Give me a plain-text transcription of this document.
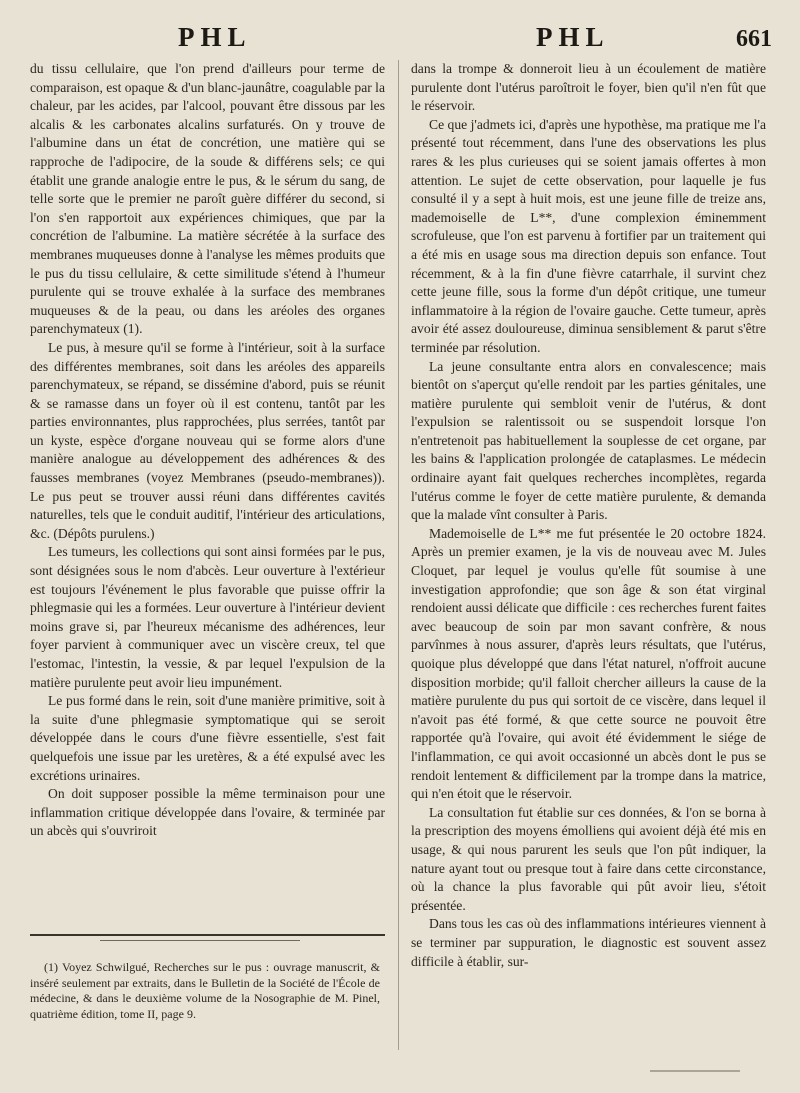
PHL	PHL	661

du tissu cellulaire, que l'on prend d'ailleurs pour terme de comparaison, est opaque & d'un blanc-jaunâtre, coagulable par la chaleur, par les acides, par l'alcool, pouvant être dissous par les alcalis & les carbonates alcalins surfaturés. On y trouve de l'albumine dans un état de concrétion, une matière qui se rapproche de l'adipocire, de la soude & différens sels; ce qui établit une grande analogie entre le pus, & le sérum du sang, de telle sorte que le premier ne paroît guère différer du second, si l'on s'en rapportoit aux expériences chimiques, que par la concrétion de l'albumine. La matière sécrétée à la surface des membranes muqueuses donne à l'analyse les mêmes produits que le pus du tissu cellulaire, & cette similitude s'étend à l'humeur purulente qui se trouve exhalée à la surface des membranes muqueuses & de la peau, ou dans les aréoles des organes parenchymateux (1).

Le pus, à mesure qu'il se forme à l'intérieur, soit à la surface des différentes membranes, soit dans les aréoles des appareils parenchymateux, se répand, se dissémine d'abord, puis se réunit & se ramasse dans un foyer où il est contenu, tantôt par les parties environnantes, plus rapprochées, plus serrées, tantôt par un kyste, espèce d'organe nouveau qui se forme alors d'une manière analogue au développement des adhérences & des fausses membranes (voyez Membranes (pseudo-membranes)). Le pus peut se trouver aussi réuni dans différentes cavités naturelles, tels que le conduit auditif, l'intérieur des articulations, &c. (Dépôts purulens.)

Les tumeurs, les collections qui sont ainsi formées par le pus, sont désignées sous le nom d'abcès. Leur ouverture à l'extérieur est toujours l'événement le plus favorable que puisse offrir la phlegmasie qui les a formées. Leur ouverture à l'intérieur devient moins grave si, par l'heureux mécanisme des adhérences, leur foyer parvient à communiquer avec un viscère creux, tel que l'estomac, l'intestin, la vessie, & par lequel l'expulsion de la matière purulente peut avoir lieu impunément.

Le pus formé dans le rein, soit d'une manière primitive, soit à la suite d'une phlegmasie symptomatique qui se seroit développée dans le cours d'une fièvre essentielle, s'est fait quelquefois une issue par les uretères, & a été expulsé avec les excrétions urinaires.

On doit supposer possible la même terminaison pour une inflammation critique développée dans l'ovaire, & terminée par un abcès qui s'ouvriroit

(1) Voyez Schwilgué, Recherches sur le pus : ouvrage manuscrit, & inséré seulement par extraits, dans le Bulletin de la Société de l'École de médecine, & dans le deuxième volume de la Nosographie de M. Pinel, quatrième édition, tome II, page 9.

dans la trompe & donneroit lieu à un écoulement de matière purulente dont l'utérus paroîtroit le foyer, bien qu'il n'en fût que le réservoir.

Ce que j'admets ici, d'après une hypothèse, ma pratique me l'a présenté tout récemment, dans l'une des observations les plus rares & les plus curieuses qui se soient jamais offertes à mon attention. Le sujet de cette observation, pour laquelle je fus consulté il y a sept à huit mois, est une jeune fille de treize ans, mademoiselle de L**, d'une complexion éminemment scrofuleuse, que l'on est parvenu à fortifier par un traitement qui a été mis en usage sous ma direction depuis son enfance. Tout récemment, & à la fin d'une fièvre catarrhale, il survint chez cette jeune fille, sous la forme d'un dépôt critique, une tumeur inflammatoire à la région de l'ovaire gauche. Cette tumeur, après avoir été assez douloureuse, diminua sensiblement & parut s'être terminée par résolution.

La jeune consultante entra alors en convalescence; mais bientôt on s'aperçut qu'elle rendoit par les parties génitales, une matière purulente qui sembloit venir de l'utérus, & dont l'expulsion se ralentissoit ou se suspendoit lorsque l'on n'entretenoit pas habituellement la souplesse de cet organe, par les bains & l'application prolongée de cataplasmes. Le médecin ordinaire ayant fait quelques recherches incomplètes, regarda l'utérus comme le foyer de cette matière purulente, & demanda que la malade vînt consulter à Paris.

Mademoiselle de L** me fut présentée le 20 octobre 1824. Après un premier examen, je la vis de nouveau avec M. Jules Cloquet, par lequel je voulus qu'elle fût soumise à une investigation approfondie; que son âge & son état virginal rendoient aussi délicate que difficile : ces recherches furent faites avec beaucoup de soin par mon savant confrère, & nous parvînmes à nous assurer, d'après leurs résultats, que l'utérus, quoique plus développé que dans l'état naturel, n'offroit aucune disposition morbide; qu'il falloit chercher ailleurs la cause de la matière purulente du pus qui sortoit de ce viscère, dans lequel il n'avoit pas été formé, & que cette source ne pouvoit être rapportée qu'à l'ovaire, qui avoit été évidemment le siége de l'inflammation, ce qui avoit occasionné un abcès dont le pus se rendoit lentement & difficilement par la trompe dans la matrice, qui n'en étoit que le réservoir.

La consultation fut établie sur ces données, & l'on se borna à la prescription des moyens émolliens qui avoient déjà été mis en usage, & qui nous parurent les seuls que l'on pût indiquer, la nature ayant tout ou presque tout à faire dans cette circonstance, où la chance la plus favorable qui pût avoir lieu, s'étoit présentée.

Dans tous les cas où des inflammations intérieures viennent à se terminer par suppuration, le diagnostic est souvent assez difficile à établir, sur-
